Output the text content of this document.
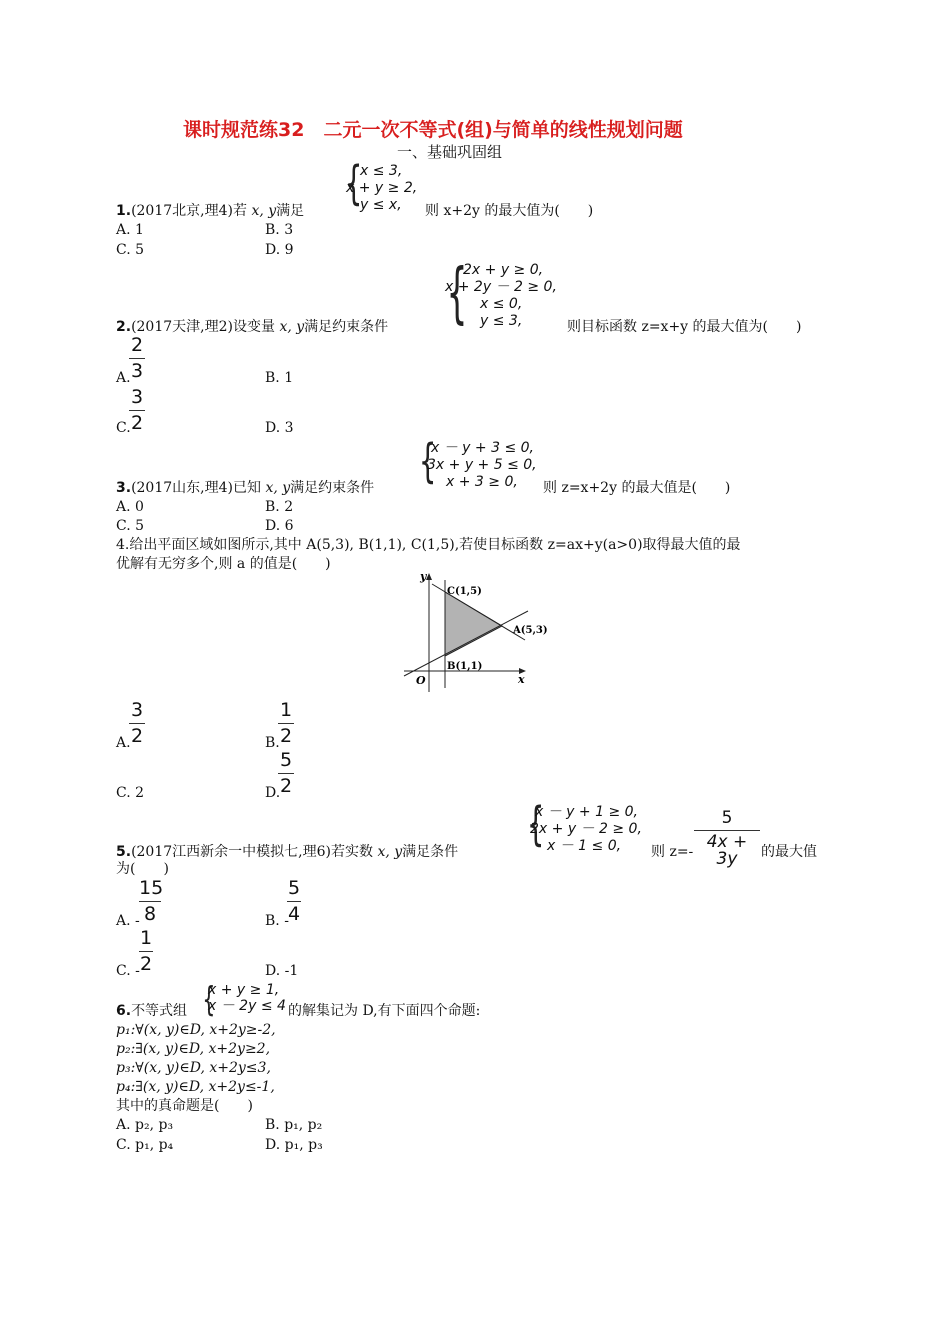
课时规范练32　二元一次不等式(组)与简单的线性规划问题
一、基础巩固组
{
x ≤ 3,
x + y ≥ 2,
y ≤ x,
1.(2017北京,理4)若 x, y满足	则 x+2y 的最大值为(　　)
A. 1	B. 3
C. 5	D. 9
{
2x + y ≥ 0,
x + 2y － 2 ≥ 0,
x ≤ 0,
y ≤ 3,
2.(2017天津,理2)设变量 x, y满足约束条件	则目标函数 z=x+y 的最大值为(　　)
A.
2
3	B. 1
C.
3
2	D. 3
{
x － y + 3 ≤ 0,
3x + y + 5 ≤ 0,
x + 3 ≥ 0,
3.(2017山东,理4)已知 x, y满足约束条件	则 z=x+2y 的最大值是(　　)
A. 0	B. 2
C. 5	D. 6
4.给出平面区域如图所示,其中 A(5,3), B(1,1), C(1,5),若使目标函数 z=ax+y(a>0)取得最大值的最
优解有无穷多个,则 a 的值是(　　)
y
x
O
C(1,5)
A(5,3)
B(1,1)
A.
3
2	B.
1
2
C. 2	D.
5
2
{
x － y + 1 ≥ 0,
2x + y － 2 ≥ 0,
x － 1 ≤ 0,
5.(2017江西新余一中模拟七,理6)若实数 x, y满足条件	则 z=-
5
4x + 3y	的最大值
为(　　)
A. -
15
8	B. -
5
4
C. -
1
2	D. -1
{
x + y ≥ 1,
x － 2y ≤ 4
6.不等式组	的解集记为 D,有下面四个命题:
p₁:∀(x, y)∈D, x+2y≥-2,
p₂:∃(x, y)∈D, x+2y≥2,
p₃:∀(x, y)∈D, x+2y≤3,
p₄:∃(x, y)∈D, x+2y≤-1,
其中的真命题是(　　)
A. p₂, p₃	B. p₁, p₂
C. p₁, p₄	D. p₁, p₃
